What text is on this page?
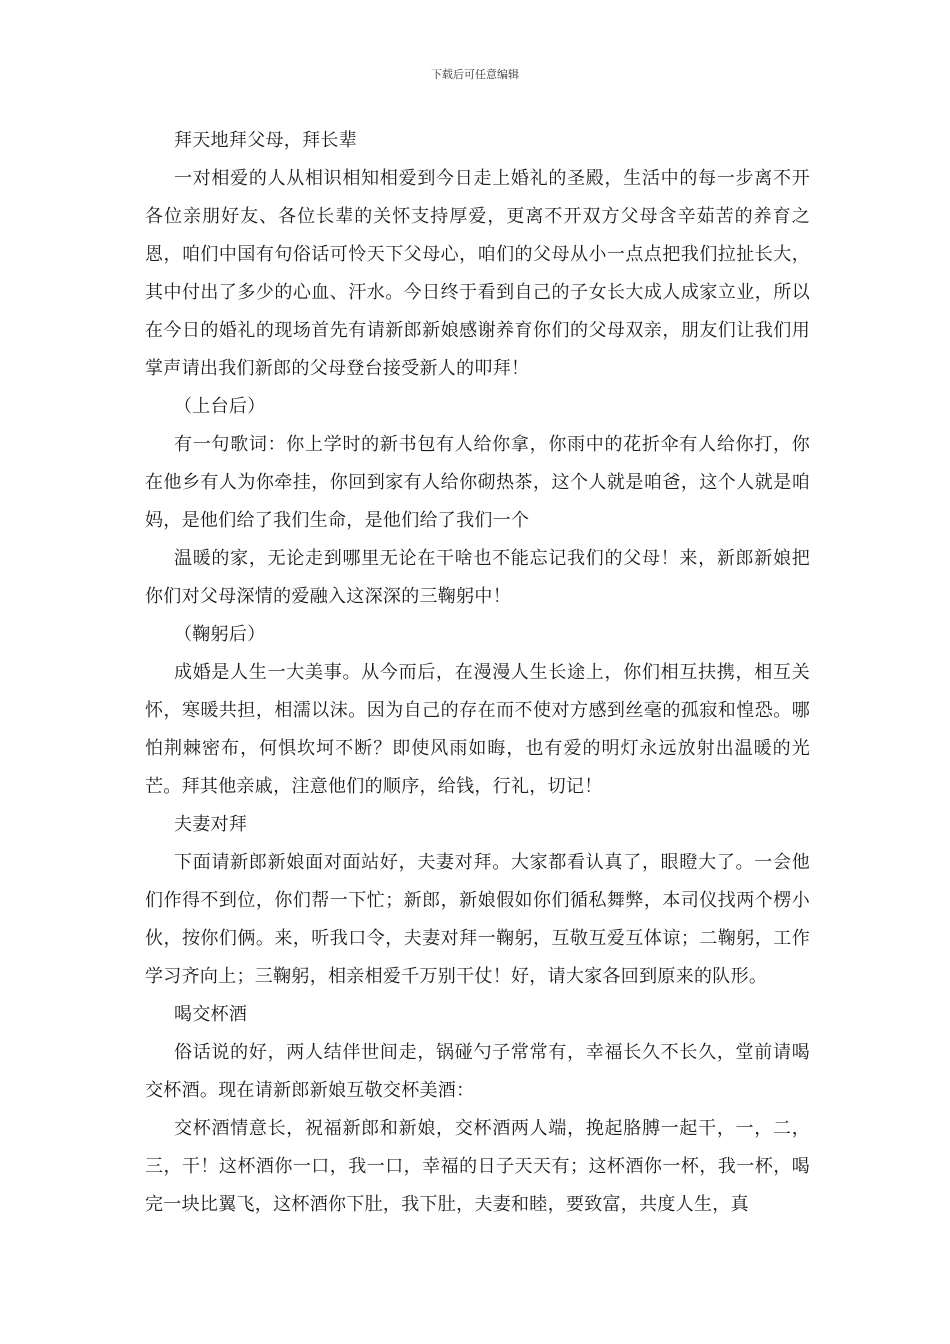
下载后可任意编辑

拜天地拜父母，拜长辈

一对相爱的人从相识相知相爱到今日走上婚礼的圣殿，生活中的每一步离不开各位亲朋好友、各位长辈的关怀支持厚爱，更离不开双方父母含辛茹苦的养育之恩，咱们中国有句俗话可怜天下父母心，咱们的父母从小一点点把我们拉扯长大，其中付出了多少的心血、汗水。今日终于看到自己的子女长大成人成家立业，所以在今日的婚礼的现场首先有请新郎新娘感谢养育你们的父母双亲，朋友们让我们用掌声请出我们新郎的父母登台接受新人的叩拜！

（上台后）

有一句歌词：你上学时的新书包有人给你拿，你雨中的花折伞有人给你打，你在他乡有人为你牵挂，你回到家有人给你砌热茶，这个人就是咱爸，这个人就是咱妈，是他们给了我们生命，是他们给了我们一个

温暖的家，无论走到哪里无论在干啥也不能忘记我们的父母！来，新郎新娘把你们对父母深情的爱融入这深深的三鞠躬中！

（鞠躬后）

成婚是人生一大美事。从今而后，在漫漫人生长途上，你们相互扶携，相互关怀，寒暖共担，相濡以沫。因为自己的存在而不使对方感到丝毫的孤寂和惶恐。哪怕荆棘密布，何惧坎坷不断？即使风雨如晦，也有爱的明灯永远放射出温暖的光芒。拜其他亲戚，注意他们的顺序，给钱，行礼，切记！

夫妻对拜

下面请新郎新娘面对面站好，夫妻对拜。大家都看认真了，眼瞪大了。一会他们作得不到位，你们帮一下忙；新郎，新娘假如你们循私舞弊，本司仪找两个楞小伙，按你们俩。来，听我口令，夫妻对拜一鞠躬，互敬互爱互体谅；二鞠躬，工作学习齐向上；三鞠躬，相亲相爱千万别干仗！好，请大家各回到原来的队形。

喝交杯酒

俗话说的好，两人结伴世间走，锅碰勺子常常有，幸福长久不长久，堂前请喝交杯酒。现在请新郎新娘互敬交杯美酒：

交杯酒情意长，祝福新郎和新娘，交杯酒两人端，挽起胳膊一起干，一，二，三，干！这杯酒你一口，我一口，幸福的日子天天有；这杯酒你一杯，我一杯，喝完一块比翼飞，这杯酒你下肚，我下肚，夫妻和睦，要致富，共度人生，真
